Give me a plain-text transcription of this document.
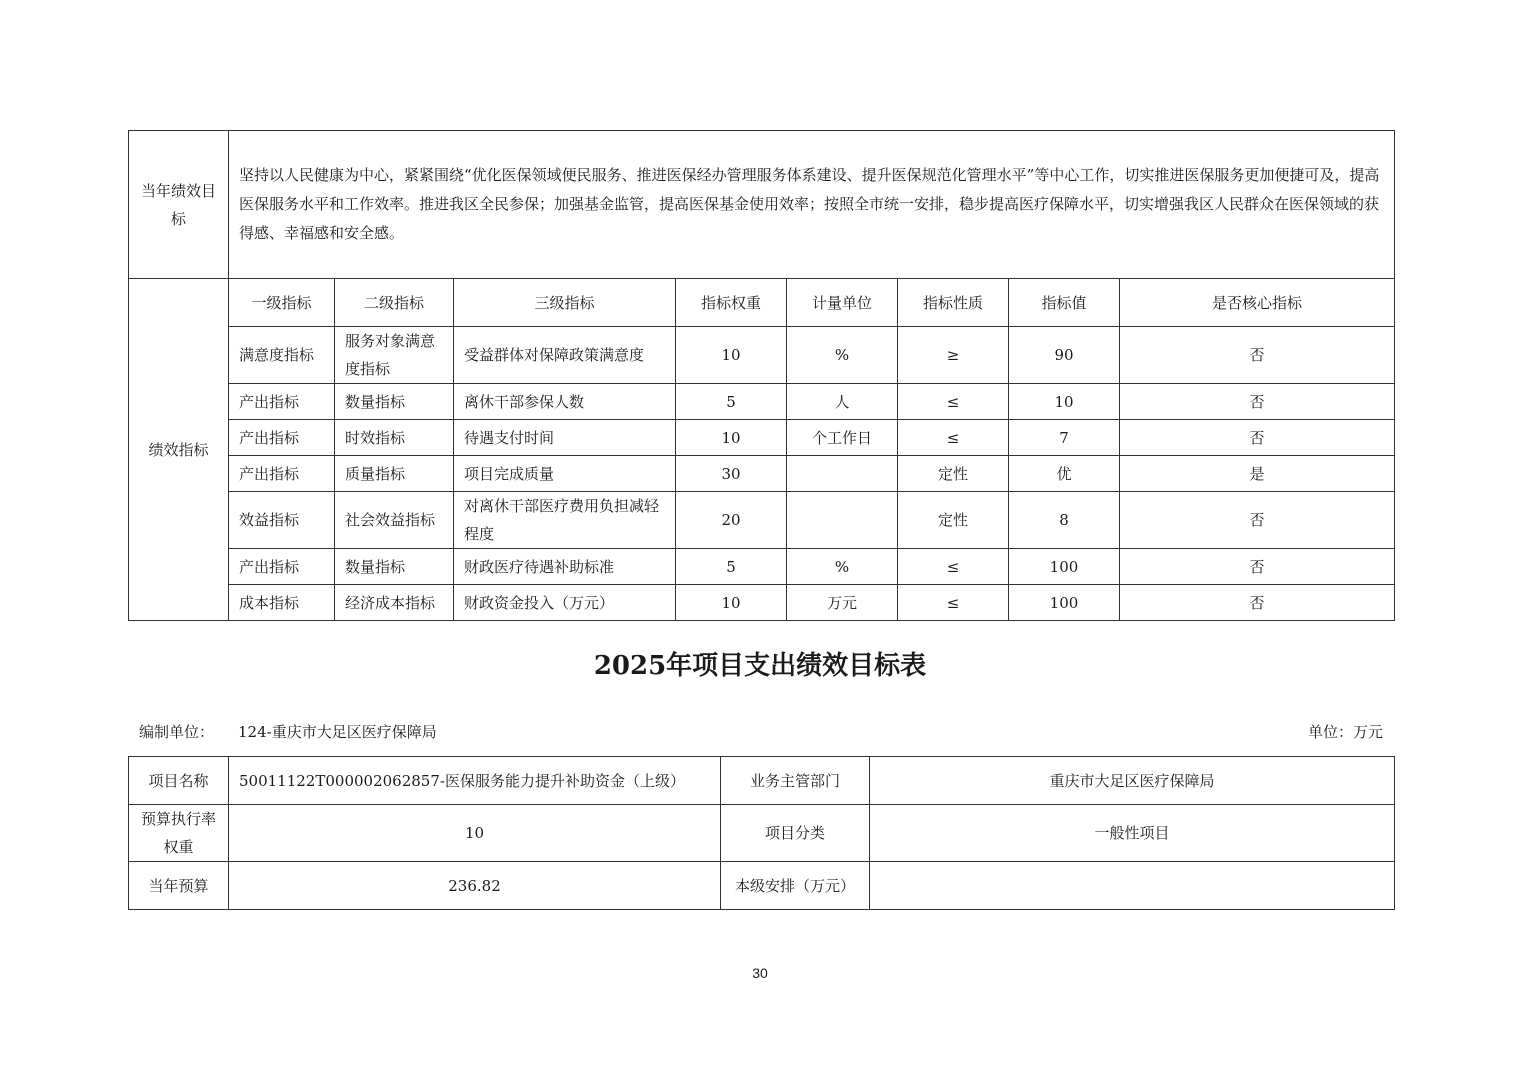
当年绩效目标	坚持以人民健康为中心，紧紧围绕“优化医保领域便民服务、推进医保经办管理服务体系建设、提升医保规范化管理水平”等中心工作，切实推进医保服务更加便捷可及，提高医保服务水平和工作效率。推进我区全民参保；加强基金监管，提高医保基金使用效率；按照全市统一安排，稳步提高医疗保障水平，切实增强我区人民群众在医保领域的获得感、幸福感和安全感。							
绩效指标	一级指标	二级指标	三级指标	指标权重	计量单位	指标性质	指标值	是否核心指标
	满意度指标	服务对象满意度指标	受益群体对保障政策满意度	10	%	≥	90	否
	产出指标	数量指标	离休干部参保人数	5	人	≤	10	否
	产出指标	时效指标	待遇支付时间	10	个工作日	≤	7	否
	产出指标	质量指标	项目完成质量	30		定性	优	是
	效益指标	社会效益指标	对离休干部医疗费用负担减轻程度	20		定性	8	否
	产出指标	数量指标	财政医疗待遇补助标准	5	%	≤	100	否
	成本指标	经济成本指标	财政资金投入（万元）	10	万元	≤	100	否
2025年项目支出绩效目标表
编制单位： 124-重庆市大足区医疗保障局	单位：万元
项目名称	50011122T000002062857-医保服务能力提升补助资金（上级）	业务主管部门	重庆市大足区医疗保障局
预算执行率权重	10	项目分类	一般性项目
当年预算	236.82	本级安排（万元）	
30
